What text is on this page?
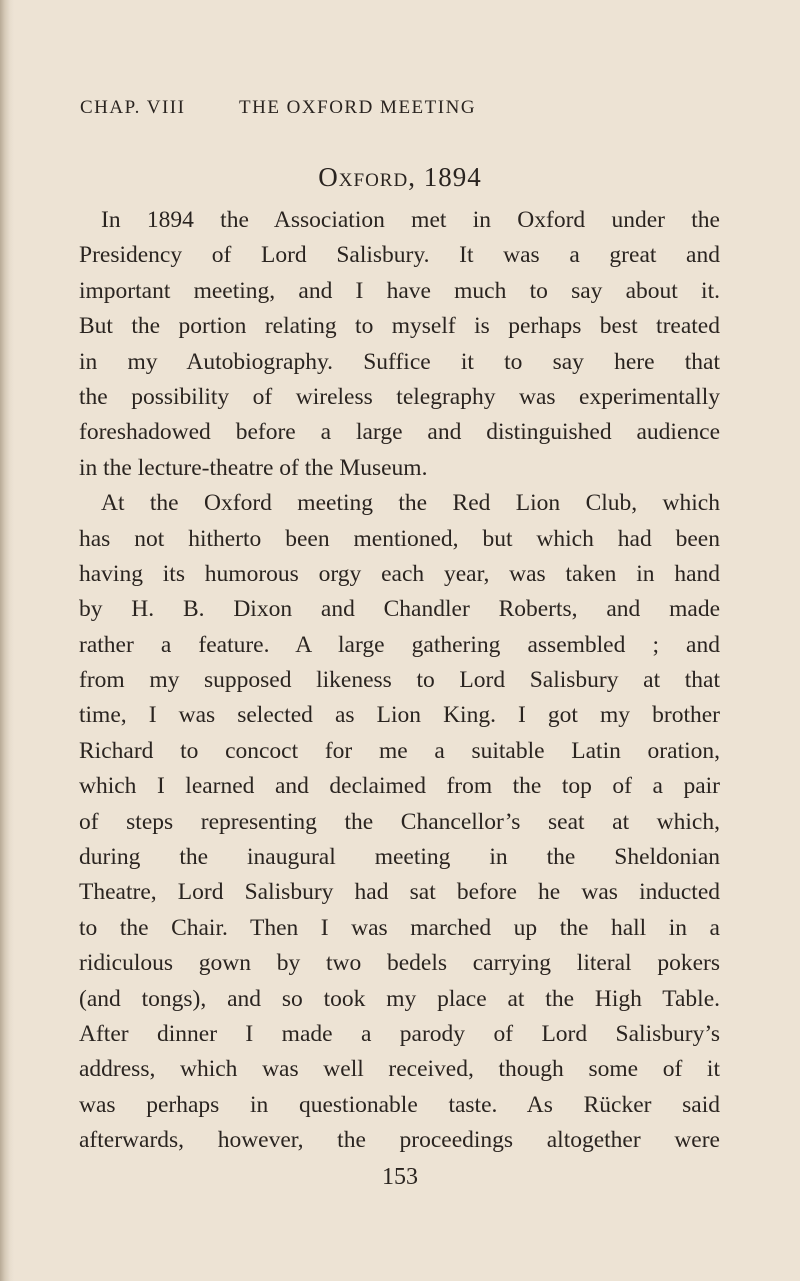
CHAP. VIII	THE OXFORD MEETING
Oxford, 1894
In 1894 the Association met in Oxford under the
Presidency of Lord Salisbury. It was a great and
important meeting, and I have much to say about it.
But the portion relating to myself is perhaps best treated
in my Autobiography. Suffice it to say here that
the possibility of wireless telegraphy was experimentally
foreshadowed before a large and distinguished audience
in the lecture-theatre of the Museum.
At the Oxford meeting the Red Lion Club, which
has not hitherto been mentioned, but which had been
having its humorous orgy each year, was taken in hand
by H. B. Dixon and Chandler Roberts, and made
rather a feature. A large gathering assembled ; and
from my supposed likeness to Lord Salisbury at that
time, I was selected as Lion King. I got my brother
Richard to concoct for me a suitable Latin oration,
which I learned and declaimed from the top of a pair
of steps representing the Chancellor’s seat at which,
during the inaugural meeting in the Sheldonian
Theatre, Lord Salisbury had sat before he was inducted
to the Chair. Then I was marched up the hall in a
ridiculous gown by two bedels carrying literal pokers
(and tongs), and so took my place at the High Table.
After dinner I made a parody of Lord Salisbury’s
address, which was well received, though some of it
was perhaps in questionable taste. As Rücker said
afterwards, however, the proceedings altogether were
153
